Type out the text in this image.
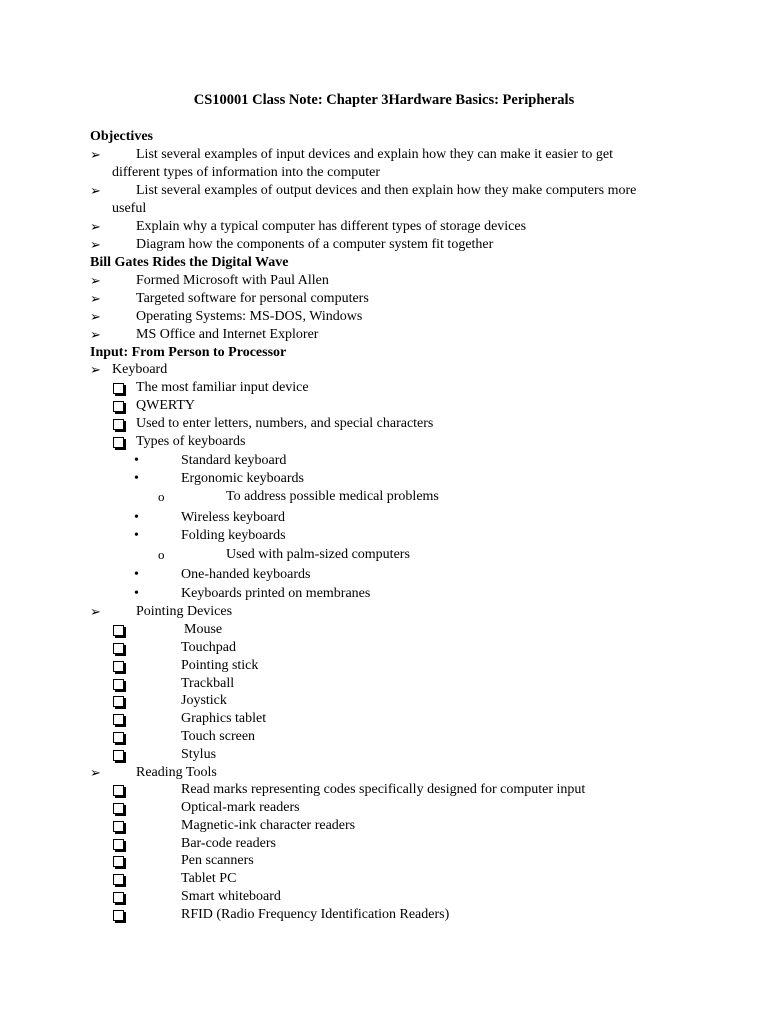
CS10001 Class Note: Chapter 3Hardware Basics: Peripherals
Objectives
➢	List several examples of input devices and explain how they can make it easier to get
different types of information into the computer
➢	List several examples of output devices and then explain how they make computers more
useful
➢	Explain why a typical computer has different types of storage devices
➢	Diagram how the components of a computer system fit together
Bill Gates Rides the Digital Wave
➢	Formed Microsoft with Paul Allen
➢	Targeted software for personal computers
➢	Operating Systems: MS-DOS, Windows
➢	MS Office and Internet Explorer
Input: From Person to Processor
➢ Keyboard
The most familiar input device
QWERTY
Used to enter letters, numbers, and special characters
Types of keyboards
•	Standard keyboard
•	Ergonomic keyboards
o	To address possible medical problems
•	Wireless keyboard
•	Folding keyboards
o	Used with palm-sized computers
•	One-handed keyboards
•	Keyboards printed on membranes
➢	Pointing Devices
Mouse
Touchpad
Pointing stick
Trackball
Joystick
Graphics tablet
Touch screen
Stylus
➢	Reading Tools
Read marks representing codes specifically designed for computer input
Optical-mark readers
Magnetic-ink character readers
Bar-code readers
Pen scanners
Tablet PC
Smart whiteboard
RFID (Radio Frequency Identification Readers)
